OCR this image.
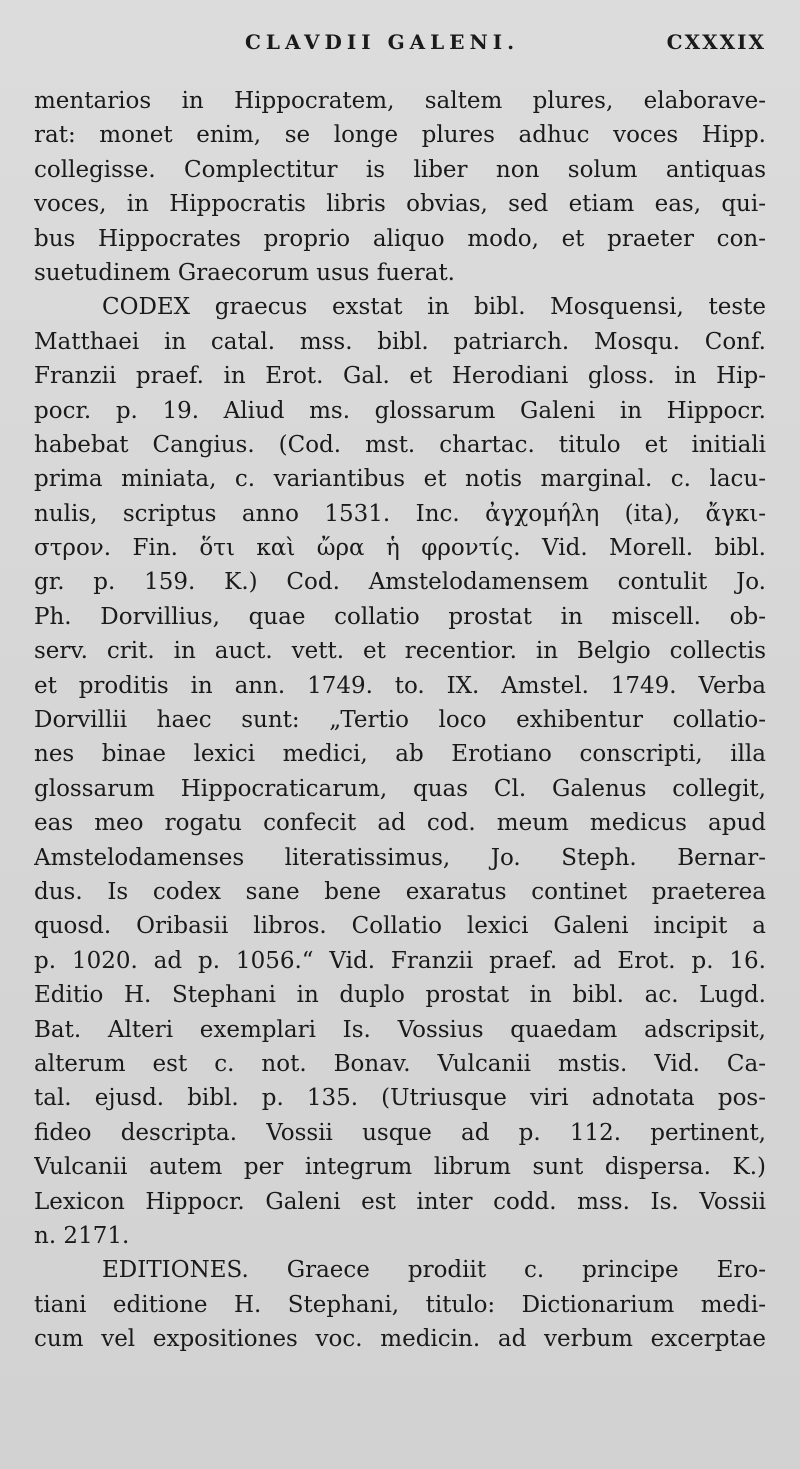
CLAVDII GALENI.	CXXXIX
mentarios in Hippocratem, saltem plures, elaborave-
rat: monet enim, se longe plures adhuc voces Hipp.
collegisse. Complectitur is liber non solum antiquas
voces, in Hippocratis libris obvias, sed etiam eas, qui-
bus Hippocrates proprio aliquo modo, et praeter con-
suetudinem Graecorum usus fuerat.
CODEX graecus exstat in bibl. Mosquensi, teste
Matthaei in catal. mss. bibl. patriarch. Mosqu. Conf.
Franzii praef. in Erot. Gal. et Herodiani gloss. in Hip-
pocr. p. 19. Aliud ms. glossarum Galeni in Hippocr.
habebat Cangius. (Cod. mst. chartac. titulo et initiali
prima miniata, c. variantibus et notis marginal. c. lacu-
nulis, scriptus anno 1531. Inc. ἀγχομήλη (ita), ἄγκι-
στρον. Fin. ὅτι καὶ ὤρα ἡ φροντίς. Vid. Morell. bibl.
gr. p. 159. K.) Cod. Amstelodamensem contulit Jo.
Ph. Dorvillius, quae collatio prostat in miscell. ob-
serv. crit. in auct. vett. et recentior. in Belgio collectis
et proditis in ann. 1749. to. IX. Amstel. 1749. Verba
Dorvillii haec sunt: „Tertio loco exhibentur collatio-
nes binae lexici medici, ab Erotiano conscripti, illa
glossarum Hippocraticarum, quas Cl. Galenus collegit,
eas meo rogatu confecit ad cod. meum medicus apud
Amstelodamenses literatissimus, Jo. Steph. Bernar-
dus. Is codex sane bene exaratus continet praeterea
quosd. Oribasii libros. Collatio lexici Galeni incipit a
p. 1020. ad p. 1056.“ Vid. Franzii praef. ad Erot. p. 16.
Editio H. Stephani in duplo prostat in bibl. ac. Lugd.
Bat. Alteri exemplari Is. Vossius quaedam adscripsit,
alterum est c. not. Bonav. Vulcanii mstis. Vid. Ca-
tal. ejusd. bibl. p. 135. (Utriusque viri adnotata pos-
fideo descripta. Vossii usque ad p. 112. pertinent,
Vulcanii autem per integrum librum sunt dispersa. K.)
Lexicon Hippocr. Galeni est inter codd. mss. Is. Vossii
n. 2171.
EDITIONES. Graece prodiit c. principe Ero-
tiani editione H. Stephani, titulo: Dictionarium medi-
cum vel expositiones voc. medicin. ad verbum excerptae
